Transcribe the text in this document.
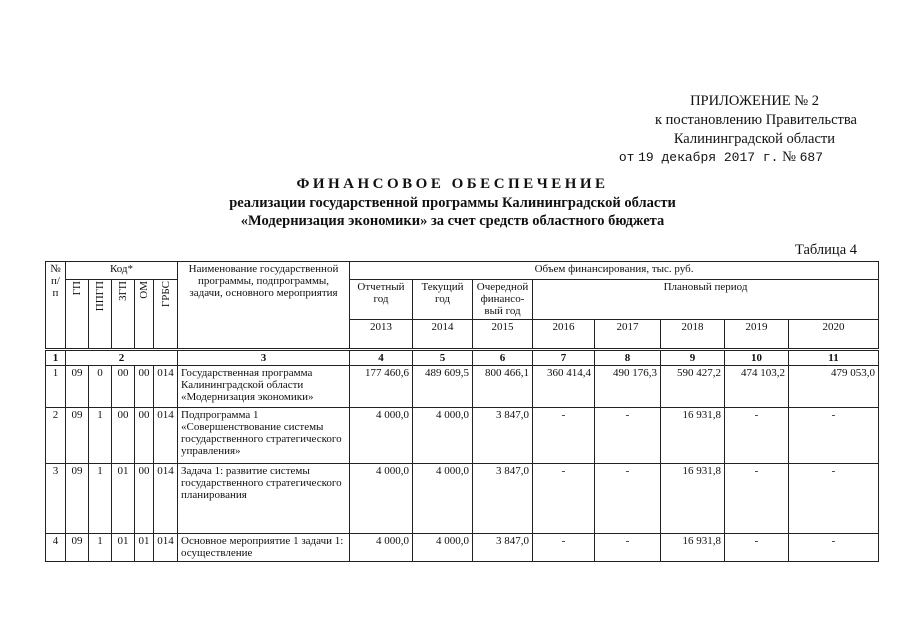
ПРИЛОЖЕНИЕ № 2
к постановлению Правительства
Калининградской области
от 19 декабря 2017 г. № 687
ФИНАНСОВОЕ ОБЕСПЕЧЕНИЕ
реализации государственной программы Калининградской области
«Модернизация экономики» за счет средств областного бюджета
Таблица 4
№ п/п	Код*					Наименование государственной программы, подпрограммы, задачи, основного мероприятия	Объем финансирования, тыс. руб.							
	ГП	ППГП	ЗГП	ОМ	ГРБС		Отчетный год	Текущий год	Очередной финансо-вый год	Плановый период				
							2013	2014	2015	2016	2017	2018	2019	2020
1	2					3	4	5	6	7	8	9	10	11
1	09	0	00	00	014	Государственная программа Калининградской области «Модернизация экономики»	177 460,6	489 609,5	800 466,1	360 414,4	490 176,3	590 427,2	474 103,2	479 053,0
2	09	1	00	00	014	Подпрограмма 1 «Совершенствование системы государственного стратегического управления»	4 000,0	4 000,0	3 847,0	-	-	16 931,8	-	-
3	09	1	01	00	014	Задача 1: развитие системы государственного стратегического планирования	4 000,0	4 000,0	3 847,0	-	-	16 931,8	-	-
4	09	1	01	01	014	Основное мероприятие 1 задачи 1: осуществление	4 000,0	4 000,0	3 847,0	-	-	16 931,8	-	-
